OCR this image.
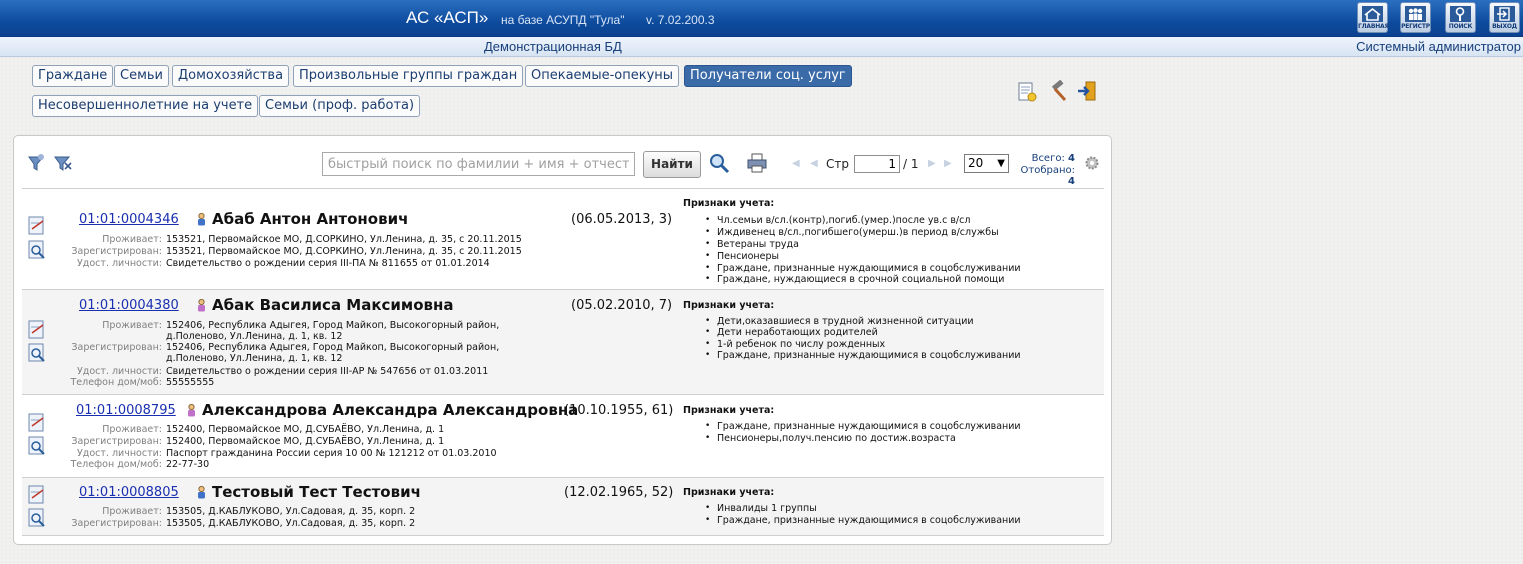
АС «АСП» на базе АСУПД "Тула" v. 7.02.200.3	ГЛАВНАЯ РЕГИСТР	ПОИСК	ВЫХОД
Демонстрационная БД	Системный администратор
Граждане Семьи	Домохозяйства	Произвольные группы граждан	Опекаемые-опекуны	Получатели соц. услуг
Несовершеннолетние на учете Семьи (проф. работа)
быстрый поиск по фамилии + имя + отчество
Найти	◀ ◀ Стр
1	/ 1 ▶ ▶	20 ▼	Всего: 4
Отобрано: 4
01:01:0004346 Абаб Антон Антонович	(06.05.2013, 3)
Проживает: 153521, Первомайское МО, Д.СОРКИНО, Ул.Ленина, д. 35, с 20.11.2015
Зарегистрирован: 153521, Первомайское МО, Д.СОРКИНО, Ул.Ленина, д. 35, с 20.11.2015
Удост. личности: Свидетельство о рождении серия III-ПА № 811655 от 01.01.2014
Признаки учета:
• Чл.семьи в/сл.(контр),погиб.(умер.)после ув.с в/сл
• Иждивенец в/сл.,погибшего(умерш.)в период в/службы
• Ветераны труда
• Пенсионеры
• Граждане, признанные нуждающимися в соцобслуживании
• Граждане, нуждающиеся в срочной социальной помощи
01:01:0004380 Абак Василиса Максимовна	(05.02.2010, 7)
Проживает: 152406, Республика Адыгея, Город Майкоп, Высокогорный район,
д.Поленово, Ул.Ленина, д. 1, кв. 12
Зарегистрирован: 152406, Республика Адыгея, Город Майкоп, Высокогорный район,
д.Поленово, Ул.Ленина, д. 1, кв. 12
Удост. личности: Свидетельство о рождении серия III-АР № 547656 от 01.03.2011
Телефон дом/моб: 55555555
Признаки учета:
• Дети,оказавшиеся в трудной жизненной ситуации
• Дети неработающих родителей
• 1-й ребенок по числу рожденных
• Граждане, признанные нуждающимися в соцобслуживании
01:01:0008795 Александрова Александра Александровна
(10.10.1955, 61)
Проживает: 152400, Первомайское МО, Д.СУБАЁВО, Ул.Ленина, д. 1
Зарегистрирован: 152400, Первомайское МО, Д.СУБАЁВО, Ул.Ленина, д. 1
Удост. личности: Паспорт гражданина России серия 10 00 № 121212 от 01.03.2010
Телефон дом/моб: 22-77-30
Признаки учета:
• Граждане, признанные нуждающимися в соцобслуживании
• Пенсионеры,получ.пенсию по достиж.возраста
01:01:0008805 Тестовый Тест Тестович	(12.02.1965, 52)
Проживает: 153505, Д.КАБЛУКОВО, Ул.Садовая, д. 35, корп. 2
Зарегистрирован: 153505, Д.КАБЛУКОВО, Ул.Садовая, д. 35, корп. 2
Признаки учета:
• Инвалиды 1 группы
• Граждане, признанные нуждающимися в соцобслуживании
